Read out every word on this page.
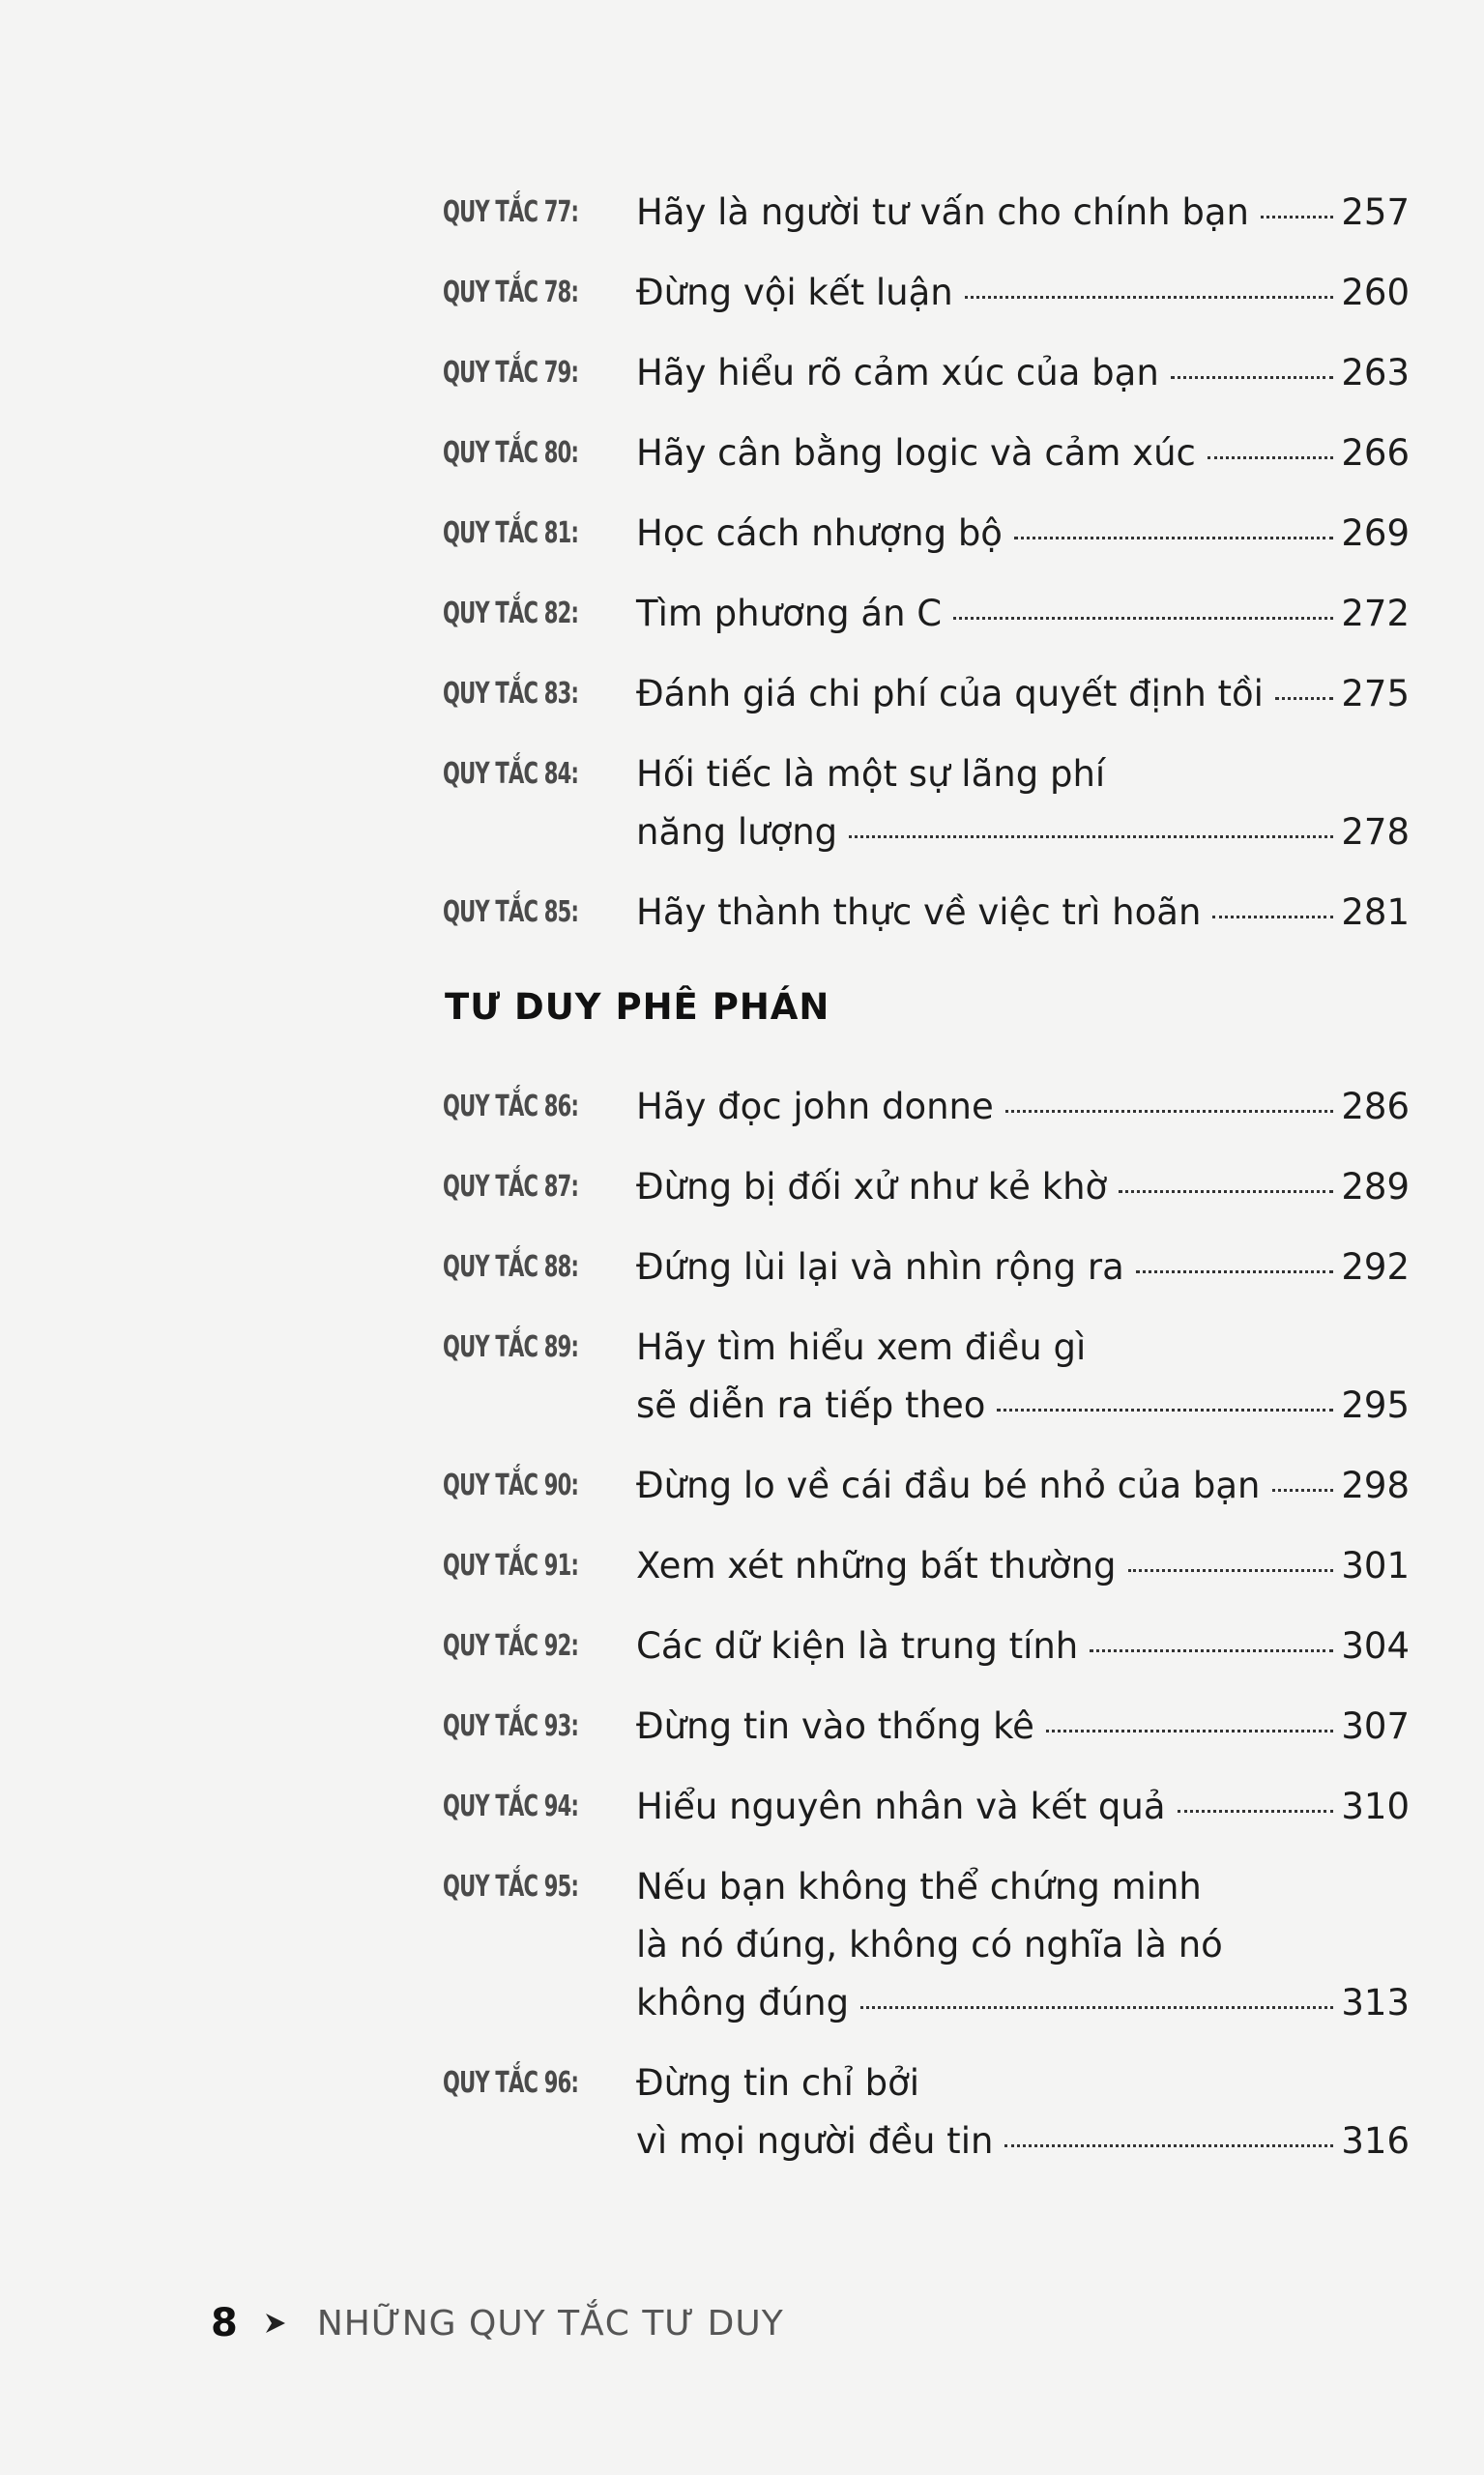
QUY TẮC 77:	Hãy là người tư vấn cho chính bạn	257
QUY TẮC 78:	Đừng vội kết luận	260
QUY TẮC 79:	Hãy hiểu rõ cảm xúc của bạn	263
QUY TẮC 80:	Hãy cân bằng logic và cảm xúc	266
QUY TẮC 81:	Học cách nhượng bộ	269
QUY TẮC 82:	Tìm phương án C	272
QUY TẮC 83:	Đánh giá chi phí của quyết định tồi 275
QUY TẮC 84:	Hối tiếc là một sự lãng phí
năng lượng	278
QUY TẮC 85:	Hãy thành thực về việc trì hoãn	281
TƯ DUY PHÊ PHÁN
QUY TẮC 86:	Hãy đọc john donne	286
QUY TẮC 87:	Đừng bị đối xử như kẻ khờ	289
QUY TẮC 88:	Đứng lùi lại và nhìn rộng ra	292
QUY TẮC 89:	Hãy tìm hiểu xem điều gì
sẽ diễn ra tiếp theo	295
QUY TẮC 90:	Đừng lo về cái đầu bé nhỏ của bạn 298
QUY TẮC 91:	Xem xét những bất thường	301
QUY TẮC 92:	Các dữ kiện là trung tính	304
QUY TẮC 93:	Đừng tin vào thống kê	307
QUY TẮC 94:	Hiểu nguyên nhân và kết quả	310
QUY TẮC 95:	Nếu bạn không thể chứng minh
là nó đúng, không có nghĩa là nó
không đúng	313
QUY TẮC 96:	Đừng tin chỉ bởi
vì mọi người đều tin	316
8 NHỮNG QUY TẮC TƯ DUY
